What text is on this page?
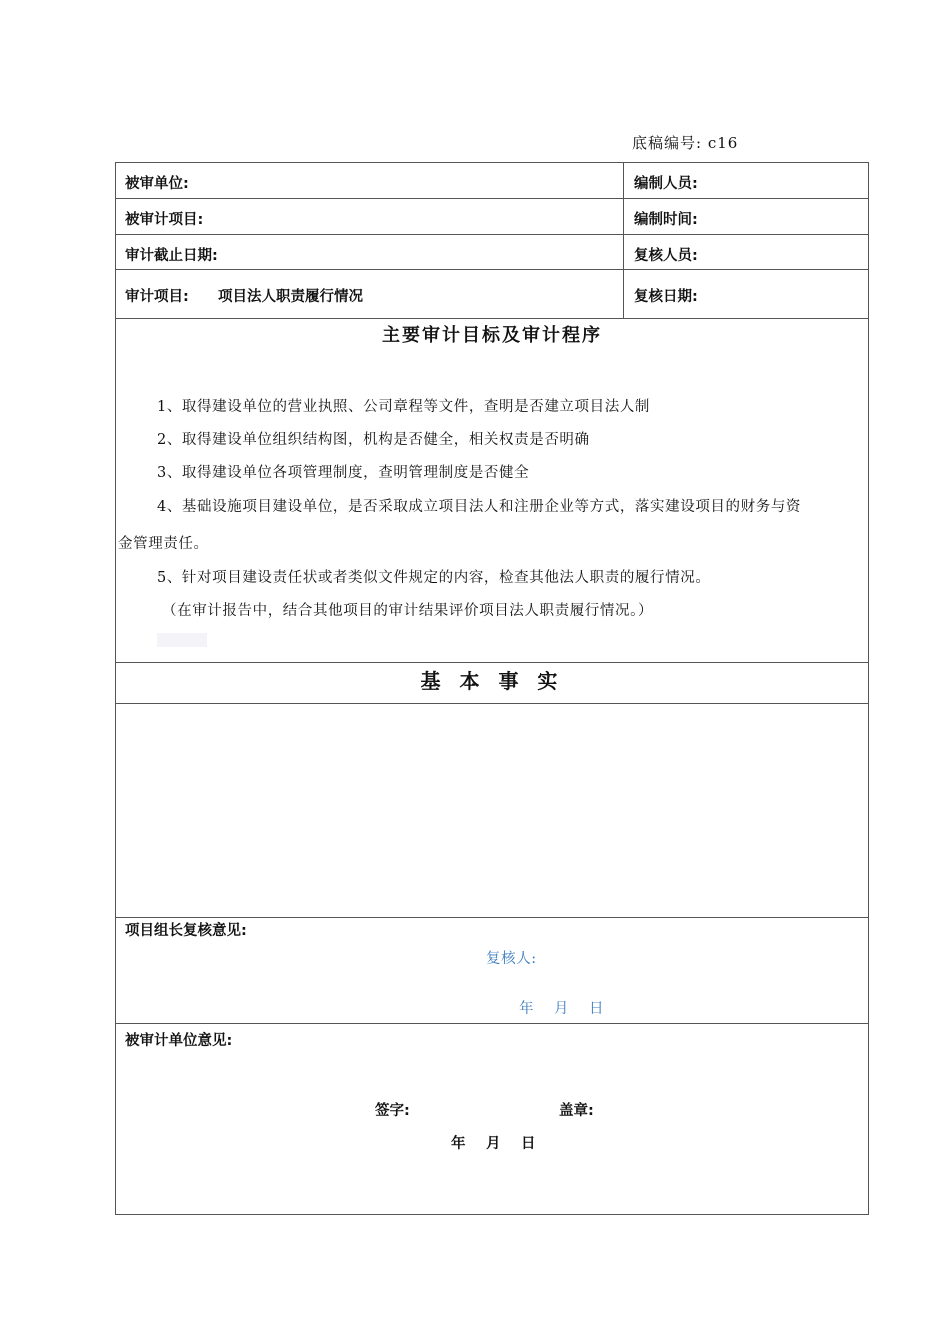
底稿编号: c16
被审单位:
被审计项目:
审计截止日期:
审计项目: 项目法人职责履行情况
编制人员:
编制时间:
复核人员:
复核日期:
主要审计目标及审计程序
1、取得建设单位的营业执照、公司章程等文件，查明是否建立项目法人制
2、取得建设单位组织结构图，机构是否健全，相关权责是否明确
3、取得建设单位各项管理制度，查明管理制度是否健全
4、基础设施项目建设单位，是否采取成立项目法人和注册企业等方式，落实建设项目的财务与资
金管理责任。
5、针对项目建设责任状或者类似文件规定的内容，检查其他法人职责的履行情况。
（在审计报告中，结合其他项目的审计结果评价项目法人职责履行情况。）
基 本 事 实
项目组长复核意见:
复核人:
年　月　日
被审计单位意见:
签字:	盖章:
年　月　日
